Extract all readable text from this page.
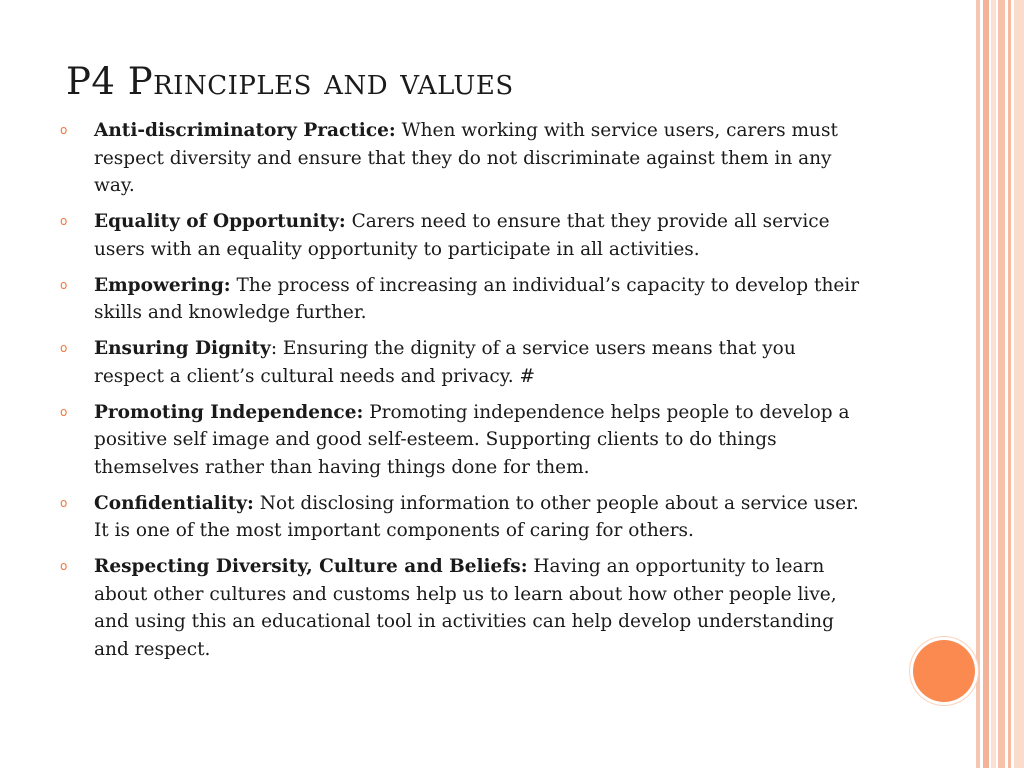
P4 Principles and values
o Anti-discriminatory Practice: When working with service users, carers must respect diversity and ensure that they do not discriminate against them in any way.
o Equality of Opportunity: Carers need to ensure that they provide all service users with an equality opportunity to participate in all activities.
o Empowering: The process of increasing an individual’s capacity to develop their skills and knowledge further.
o Ensuring Dignity: Ensuring the dignity of a service users means that you respect a client’s cultural needs and privacy. #
o Promoting Independence: Promoting independence helps people to develop a positive self image and good self-esteem. Supporting clients to do things themselves rather than having things done for them.
o Confidentiality: Not disclosing information to other people about a service user. It is one of the most important components of caring for others.
o Respecting Diversity, Culture and Beliefs: Having an opportunity to learn about other cultures and customs help us to learn about how other people live, and using this an educational tool in activities can help develop understanding and respect.
